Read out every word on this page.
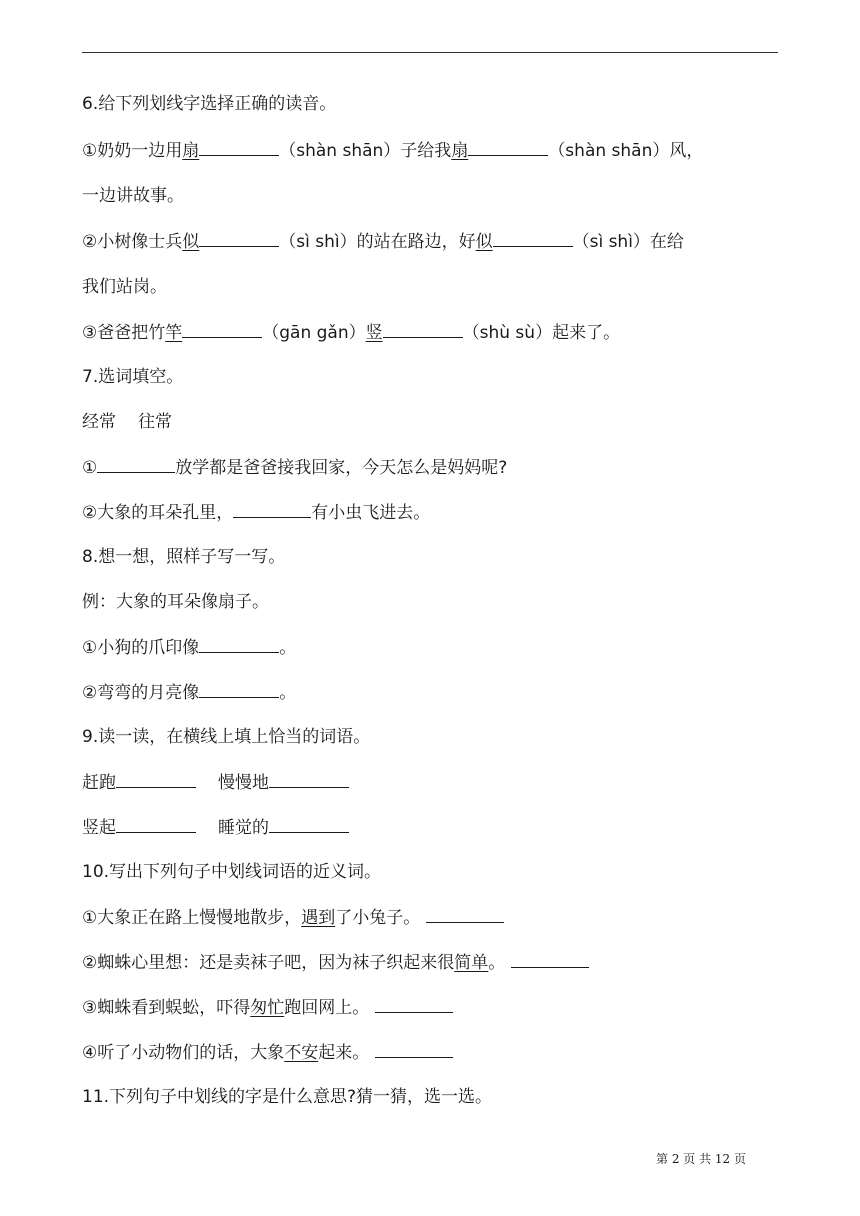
6.给下列划线字选择正确的读音。
①奶奶一边用扇	（shàn shān）子给我扇	（shàn shān）风，
一边讲故事。
②小树像士兵似	（sì shì）的站在路边，好似	（sì shì）在给
我们站岗。
③爸爸把竹竿	（gān gǎn）竖	（shù sù）起来了。
7.选词填空。
经常 往常
①	放学都是爸爸接我回家，今天怎么是妈妈呢?
②大象的耳朵孔里，	有小虫飞进去。
8.想一想，照样子写一写。
例：大象的耳朵像扇子。
①小狗的爪印像	。
②弯弯的月亮像	。
9.读一读，在横线上填上恰当的词语。
赶跑	慢慢地
竖起	睡觉的
10.写出下列句子中划线词语的近义词。
①大象正在路上慢慢地散步，遇到了小兔子。
②蜘蛛心里想：还是卖袜子吧，因为袜子织起来很简单。
③蜘蛛看到蜈蚣，吓得匆忙跑回网上。
④听了小动物们的话，大象不安起来。
11.下列句子中划线的字是什么意思?猜一猜，选一选。
第 2 页 共 12 页
